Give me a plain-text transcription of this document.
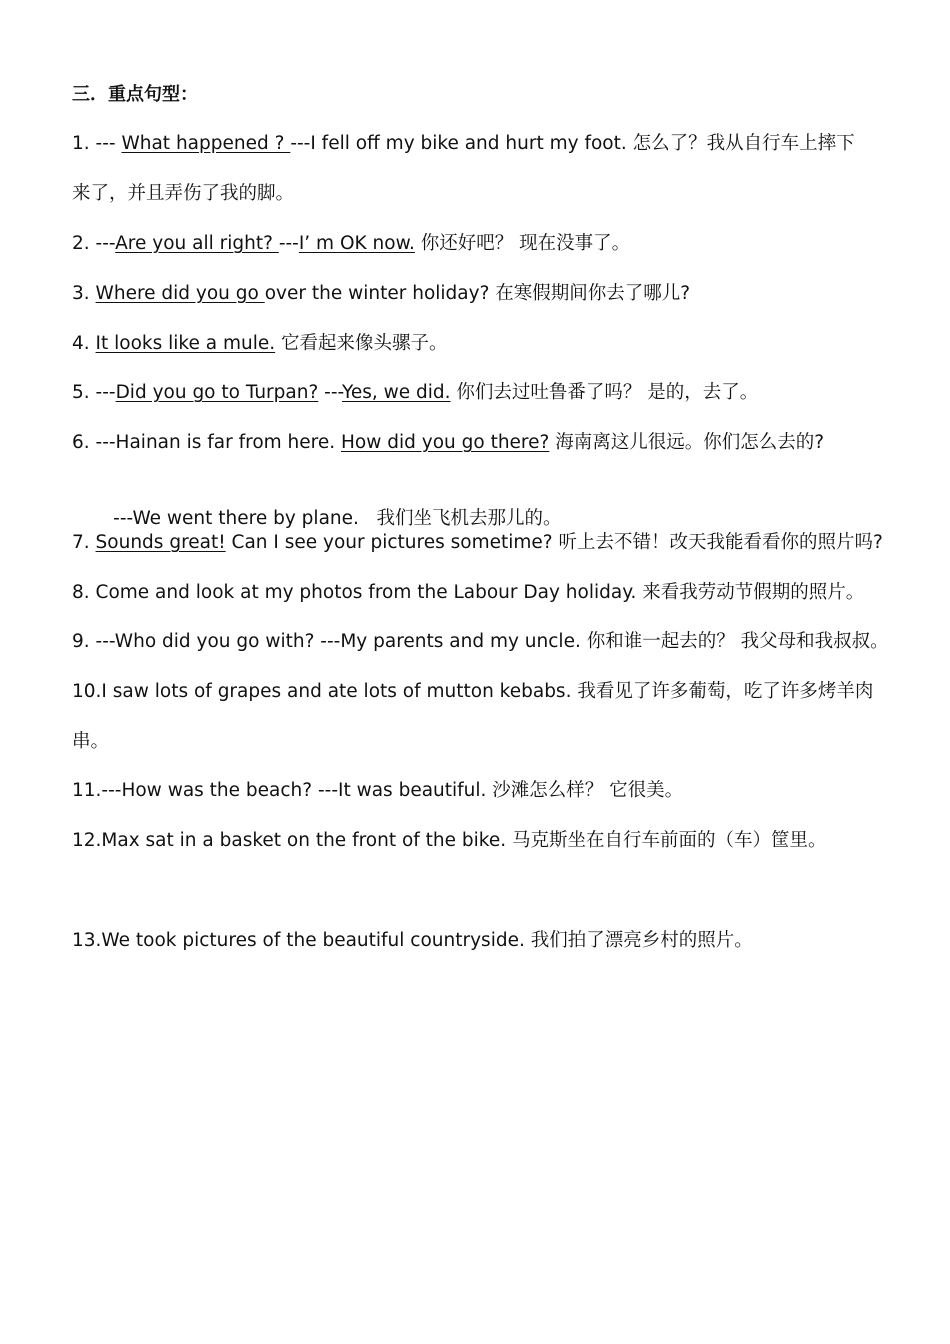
三．重点句型：
1. --- What happened ? ---I fell off my bike and hurt my foot. 怎么了？我从自行车上摔下
来了，并且弄伤了我的脚。
2. ---Are you all right? ---I’ m OK now. 你还好吧？ 现在没事了。
3. Where did you go over the winter holiday? 在寒假期间你去了哪儿?
4. It looks like a mule. 它看起来像头骡子。
5. ---Did you go to Turpan? ---Yes, we did. 你们去过吐鲁番了吗？ 是的，去了。
6. ---Hainan is far from here. How did you go there? 海南离这儿很远。你们怎么去的?

---We went there by plane.   我们坐飞机去那儿的。

7. Sounds great! Can I see your pictures sometime? 听上去不错！改天我能看看你的照片吗?
8. Come and look at my photos from the Labour Day holiday. 来看我劳动节假期的照片。
9. ---Who did you go with? ---My parents and my uncle. 你和谁一起去的？ 我父母和我叔叔。
10.I saw lots of grapes and ate lots of mutton kebabs. 我看见了许多葡萄，吃了许多烤羊肉
串。
11.---How was the beach? ---It was beautiful. 沙滩怎么样？ 它很美。
12.Max sat in a basket on the front of the bike. 马克斯坐在自行车前面的（车）筐里。
13.We took pictures of the beautiful countryside. 我们拍了漂亮乡村的照片。
